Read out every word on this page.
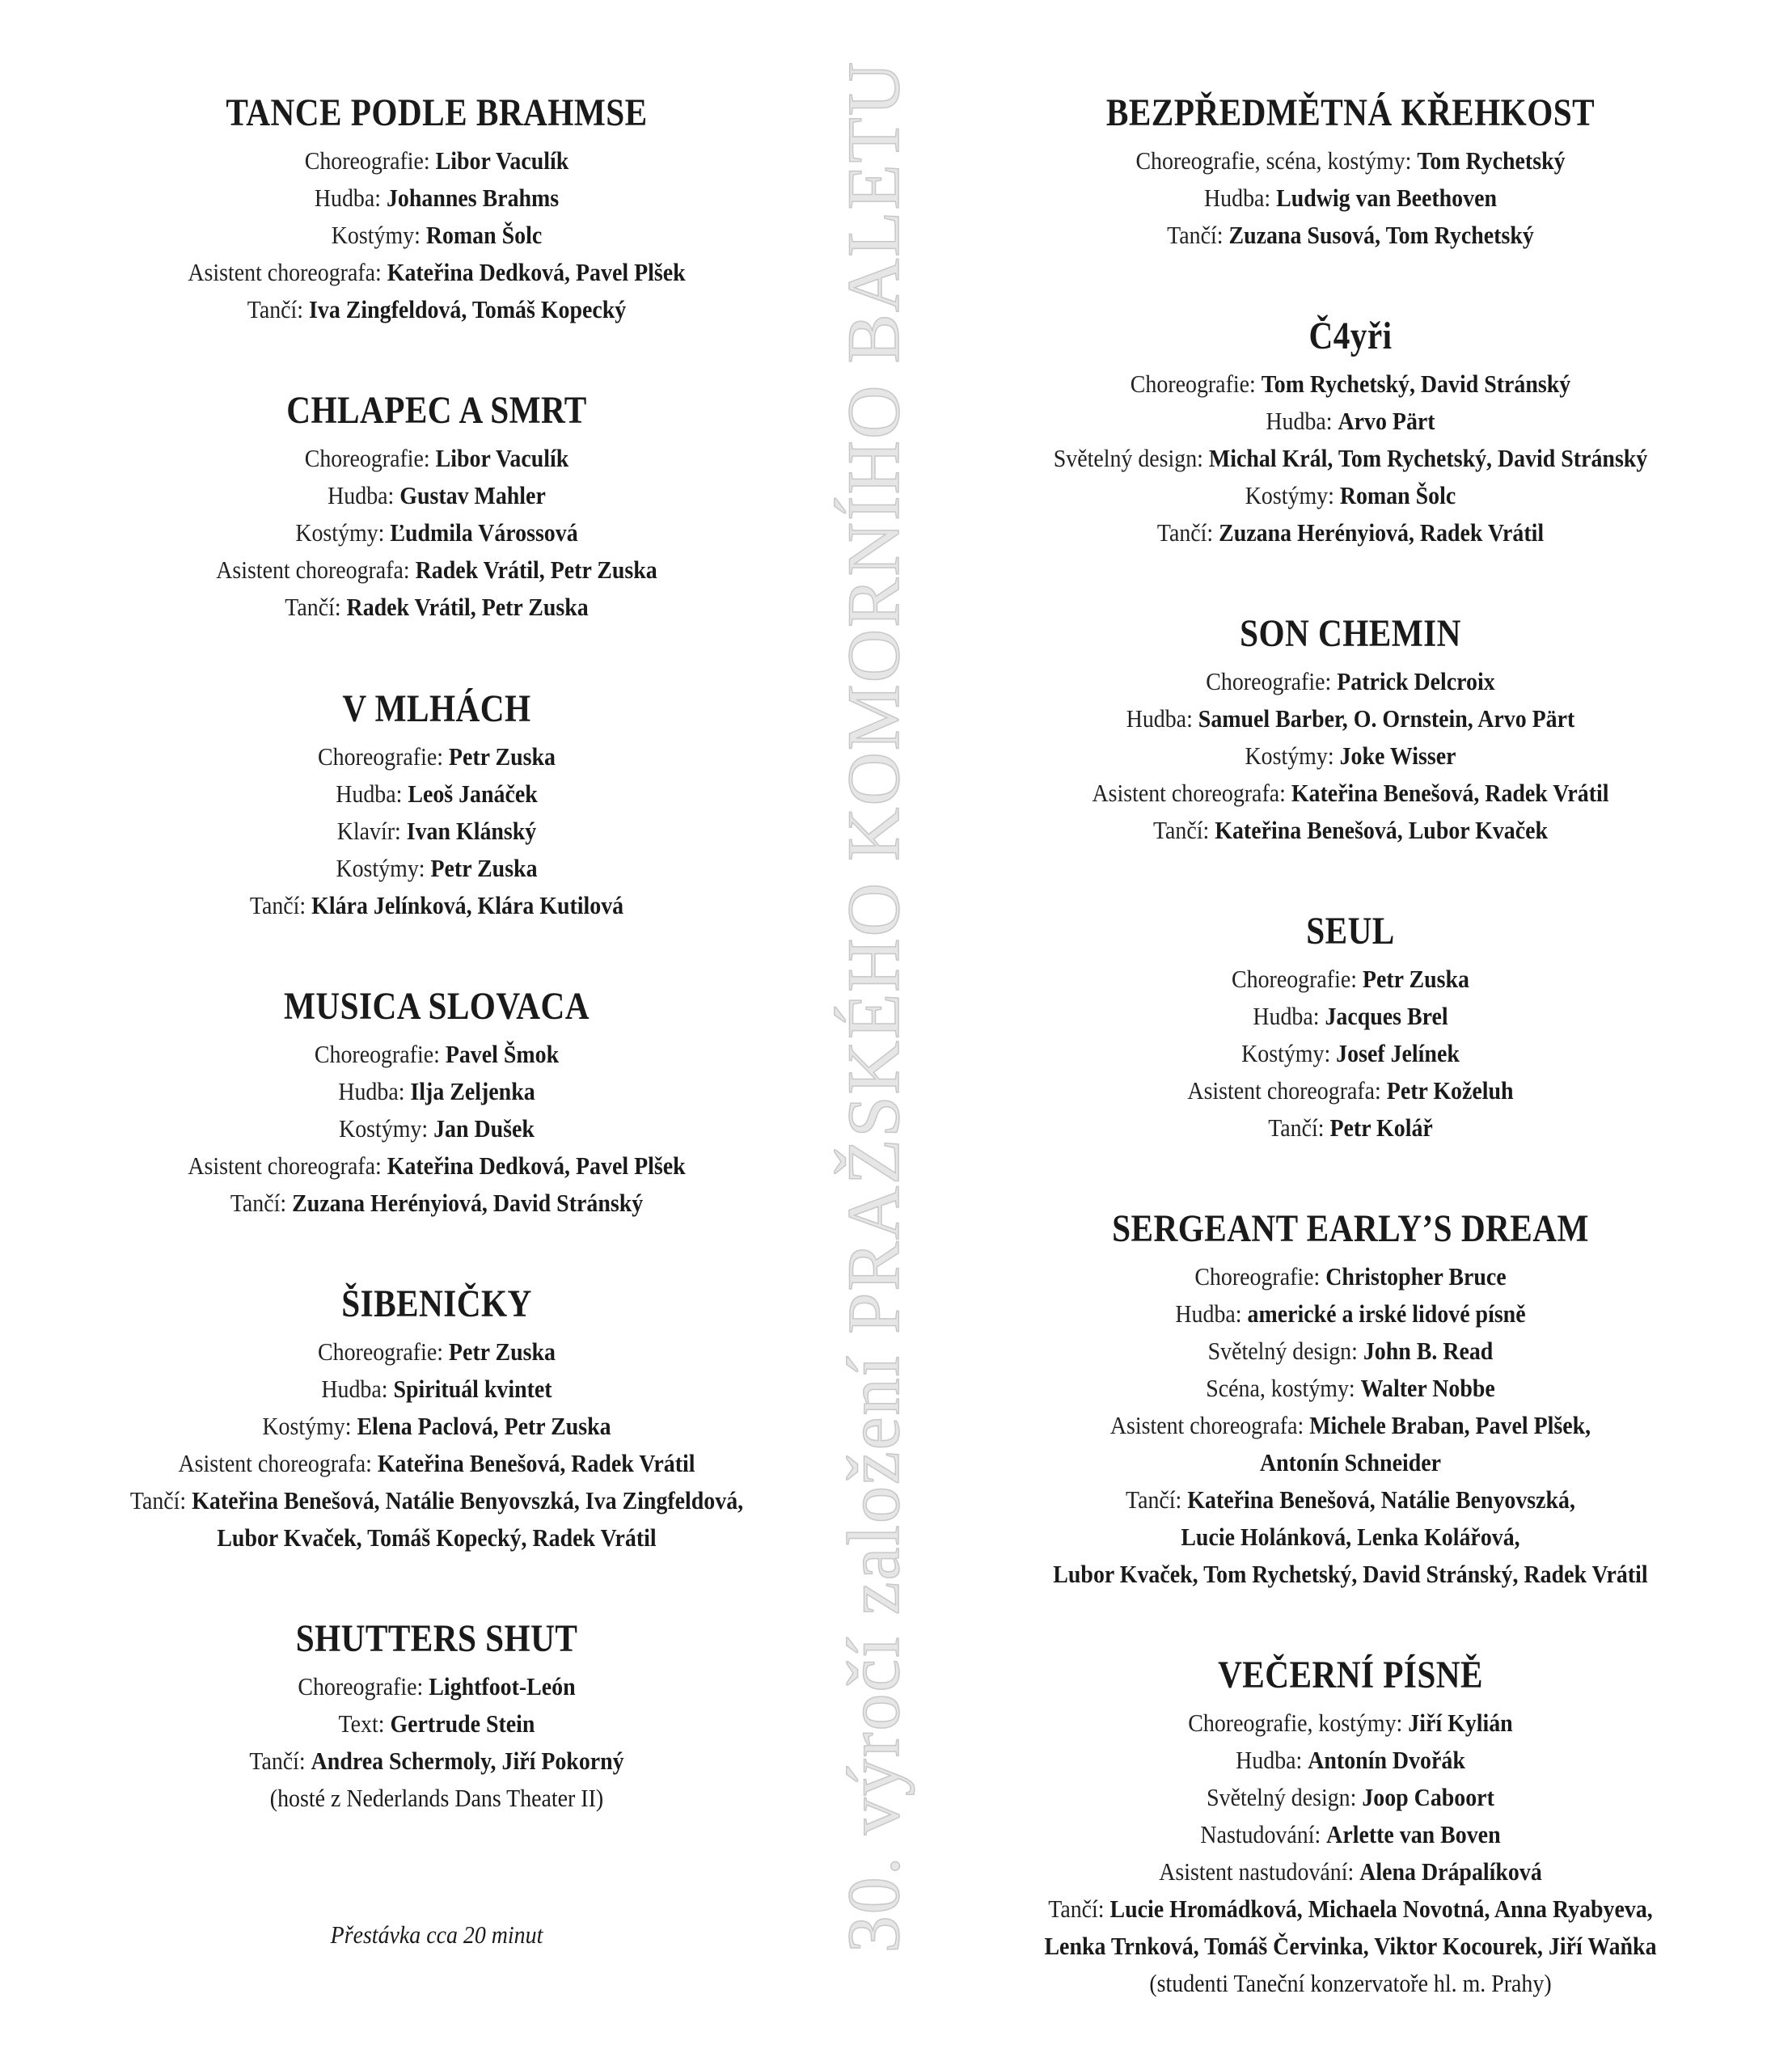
TANCE PODLE BRAHMSE
Choreografie: Libor Vaculík
Hudba: Johannes Brahms
Kostýmy: Roman Šolc
Asistent choreografa: Kateřina Dedková, Pavel Plšek
Tančí: Iva Zingfeldová, Tomáš Kopecký
CHLAPEC A SMRT
Choreografie: Libor Vaculík
Hudba: Gustav Mahler
Kostýmy: Ľudmila Várossová
Asistent choreografa: Radek Vrátil, Petr Zuska
Tančí: Radek Vrátil, Petr Zuska
V MLHÁCH
Choreografie: Petr Zuska
Hudba: Leoš Janáček
Klavír: Ivan Klánský
Kostýmy: Petr Zuska
Tančí: Klára Jelínková, Klára Kutilová
MUSICA SLOVACA
Choreografie: Pavel Šmok
Hudba: Ilja Zeljenka
Kostýmy: Jan Dušek
Asistent choreografa: Kateřina Dedková, Pavel Plšek
Tančí: Zuzana Herényiová, David Stránský
ŠIBENIČKY
Choreografie: Petr Zuska
Hudba: Spirituál kvintet
Kostýmy: Elena Paclová, Petr Zuska
Asistent choreografa: Kateřina Benešová, Radek Vrátil
Tančí: Kateřina Benešová, Natálie Benyovszká, Iva Zingfeldová,
Lubor Kvaček, Tomáš Kopecký, Radek Vrátil
SHUTTERS SHUT
Choreografie: Lightfoot-León
Text: Gertrude Stein
Tančí: Andrea Schermoly, Jiří Pokorný
(hosté z Nederlands Dans Theater II)
Přestávka cca 20 minut	30. výročí založení PRAŽSKÉHO KOMORNÍHO BALETU	BEZPŘEDMĚTNÁ KŘEHKOST
Choreografie, scéna, kostýmy: Tom Rychetský
Hudba: Ludwig van Beethoven
Tančí: Zuzana Susová, Tom Rychetský
Č4yři
Choreografie: Tom Rychetský, David Stránský
Hudba: Arvo Pärt
Světelný design: Michal Král, Tom Rychetský, David Stránský
Kostýmy: Roman Šolc
Tančí: Zuzana Herényiová, Radek Vrátil
SON CHEMIN
Choreografie: Patrick Delcroix
Hudba: Samuel Barber, O. Ornstein, Arvo Pärt
Kostýmy: Joke Wisser
Asistent choreografa: Kateřina Benešová, Radek Vrátil
Tančí: Kateřina Benešová, Lubor Kvaček
SEUL
Choreografie: Petr Zuska
Hudba: Jacques Brel
Kostýmy: Josef Jelínek
Asistent choreografa: Petr Koželuh
Tančí: Petr Kolář
SERGEANT EARLY’S DREAM
Choreografie: Christopher Bruce
Hudba: americké a irské lidové písně
Světelný design: John B. Read
Scéna, kostýmy: Walter Nobbe
Asistent choreografa: Michele Braban, Pavel Plšek,
Antonín Schneider
Tančí: Kateřina Benešová, Natálie Benyovszká,
Lucie Holánková, Lenka Kolářová,
Lubor Kvaček, Tom Rychetský, David Stránský, Radek Vrátil
VEČERNÍ PÍSNĚ
Choreografie, kostýmy: Jiří Kylián
Hudba: Antonín Dvořák
Světelný design: Joop Caboort
Nastudování: Arlette van Boven
Asistent nastudování: Alena Drápalíková
Tančí: Lucie Hromádková, Michaela Novotná, Anna Ryabyeva,
Lenka Trnková, Tomáš Červinka, Viktor Kocourek, Jiří Waňka
(studenti Taneční konzervatoře hl. m. Prahy)
